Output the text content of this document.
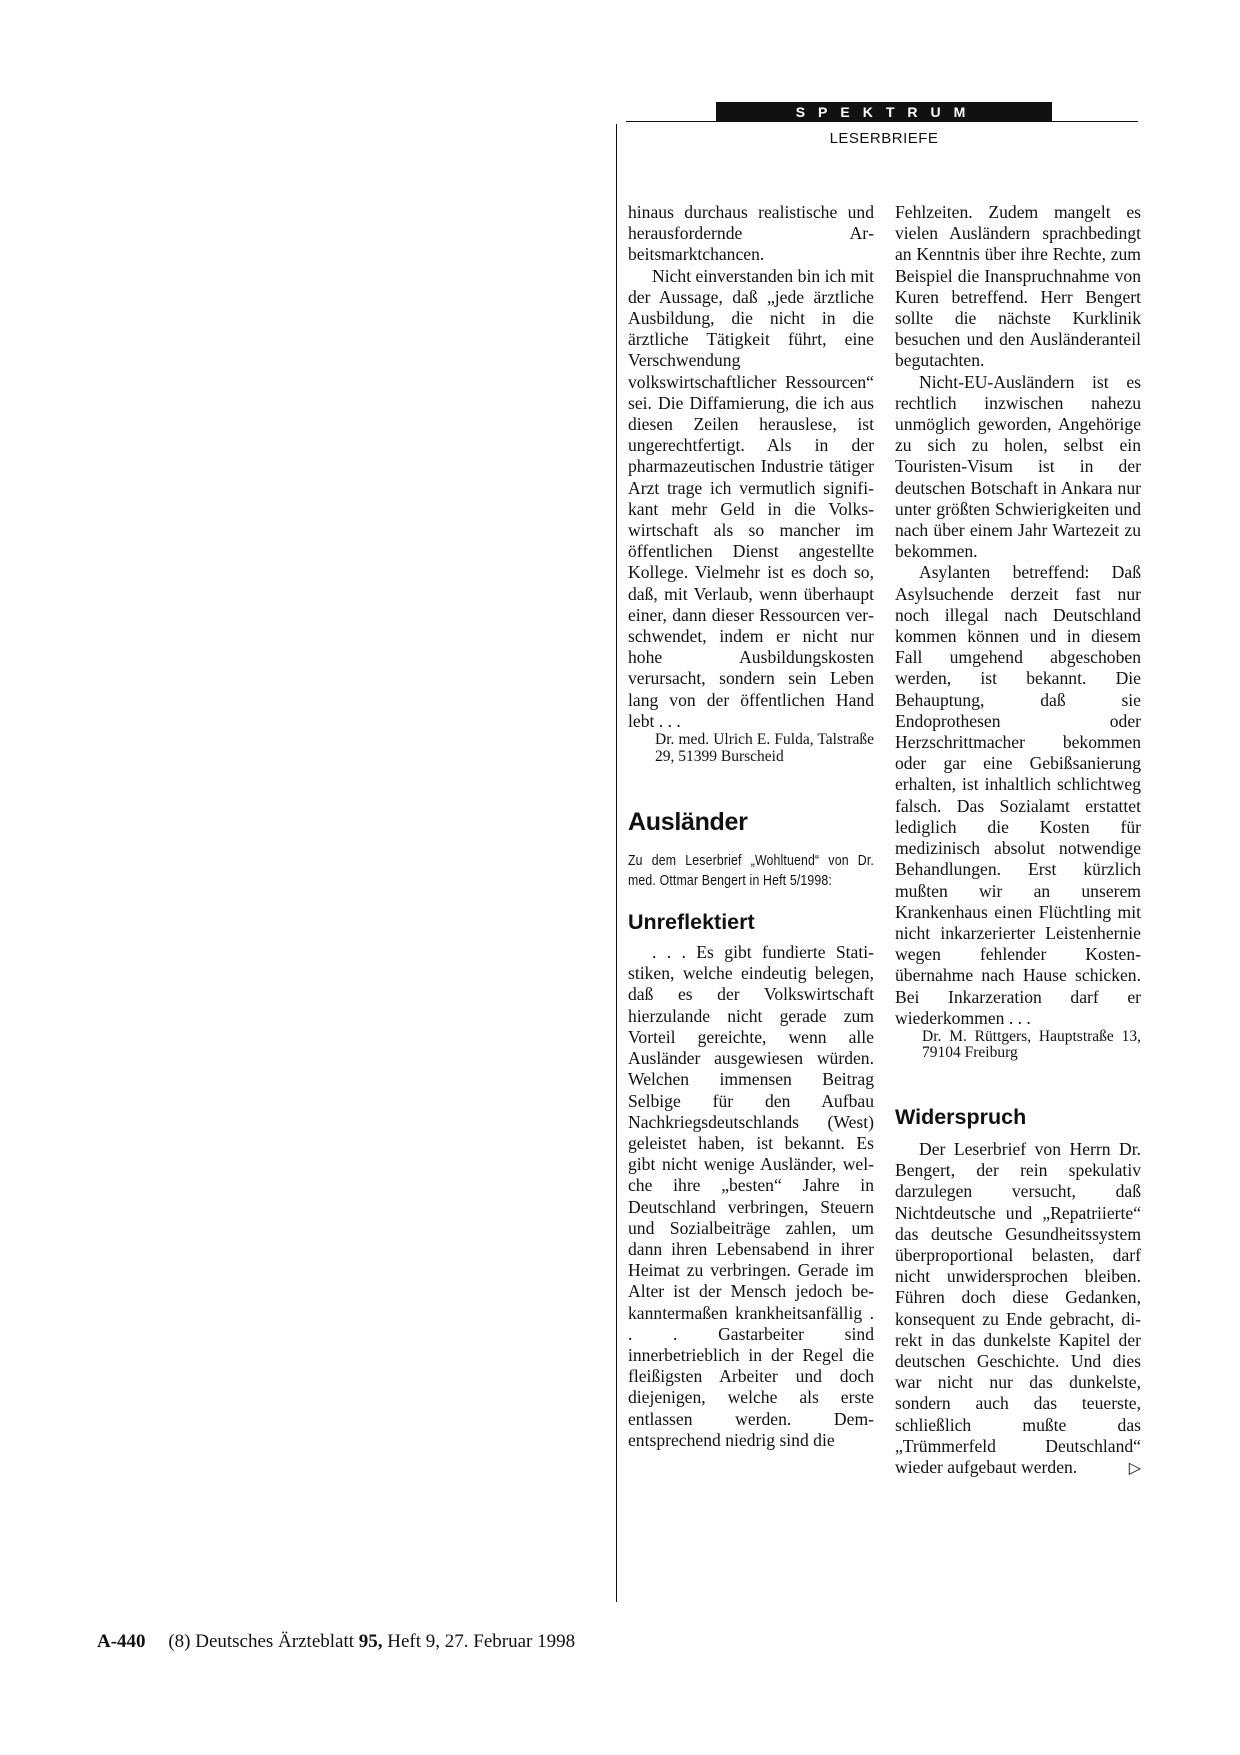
SPEKTRUM
LESERBRIEFE

hinaus durchaus realistische und herausfordernde Arbeitsmarktchancen.

Nicht einverstanden bin ich mit der Aussage, daß „jede ärztliche Ausbildung, die nicht in die ärztliche Tätigkeit führt, eine Verschwendung volkswirtschaftlicher Ressourcen“ sei. Die Diffamierung, die ich aus diesen Zeilen herauslese, ist ungerechtfertigt. Als in der pharmazeutischen Industrie tätiger Arzt trage ich vermutlich signifikant mehr Geld in die Volkswirtschaft als so mancher im öffentlichen Dienst angestellte Kollege. Vielmehr ist es doch so, daß, mit Verlaub, wenn überhaupt einer, dann dieser Ressourcen verschwendet, indem er nicht nur hohe Ausbildungskosten verursacht, sondern sein Leben lang von der öffentlichen Hand lebt . . .

Dr. med. Ulrich E. Fulda, Talstraße 29, 51399 Burscheid

Ausländer

Zu dem Leserbrief „Wohltuend“ von Dr. med. Ottmar Bengert in Heft 5/1998:

Unreflektiert

. . . Es gibt fundierte Statistiken, welche eindeutig belegen, daß es der Volkswirtschaft hierzulande nicht gerade zum Vorteil gereichte, wenn alle Ausländer ausgewiesen würden. Welchen immensen Beitrag Selbige für den Aufbau Nachkriegsdeutschlands (West) geleistet haben, ist bekannt. Es gibt nicht wenige Ausländer, welche ihre „besten“ Jahre in Deutschland verbringen, Steuern und Sozialbeiträge zahlen, um dann ihren Lebensabend in ihrer Heimat zu verbringen. Gerade im Alter ist der Mensch jedoch bekanntermaßen krankheitsanfällig . . . Gastarbeiter sind innerbetrieblich in der Regel die fleißigsten Arbeiter und doch diejenigen, welche als erste entlassen werden. Dementsprechend niedrig sind die

Fehlzeiten. Zudem mangelt es vielen Ausländern sprachbedingt an Kenntnis über ihre Rechte, zum Beispiel die Inanspruchnahme von Kuren betreffend. Herr Bengert sollte die nächste Kurklinik besuchen und den Ausländeranteil begutachten.

Nicht-EU-Ausländern ist es rechtlich inzwischen nahezu unmöglich geworden, Angehörige zu sich zu holen, selbst ein Touristen-Visum ist in der deutschen Botschaft in Ankara nur unter größten Schwierigkeiten und nach über einem Jahr Wartezeit zu bekommen.

Asylanten betreffend: Daß Asylsuchende derzeit fast nur noch illegal nach Deutschland kommen können und in diesem Fall umgehend abgeschoben werden, ist bekannt. Die Behauptung, daß sie Endoprothesen oder Herzschrittmacher bekommen oder gar eine Gebißsanierung erhalten, ist inhaltlich schlichtweg falsch. Das Sozialamt erstattet lediglich die Kosten für medizinisch absolut notwendige Behandlungen. Erst kürzlich mußten wir an unserem Krankenhaus einen Flüchtling mit nicht inkarzerierter Leistenhernie wegen fehlender Kostenübernahme nach Hause schicken. Bei Inkarzeration darf er wiederkommen . . .

Dr. M. Rüttgers, Hauptstraße 13, 79104 Freiburg

Widerspruch

Der Leserbrief von Herrn Dr. Bengert, der rein spekulativ darzulegen versucht, daß Nichtdeutsche und „Repatriierte“ das deutsche Gesundheitssystem überproportional belasten, darf nicht unwidersprochen bleiben. Führen doch diese Gedanken, konsequent zu Ende gebracht, direkt in das dunkelste Kapitel der deutschen Geschichte. Und dies war nicht nur das dunkelste, sondern auch das teuerste, schließlich mußte das „Trümmerfeld Deutschland“ wieder aufgebaut werden.	▷

A-440 (8) Deutsches Ärzteblatt 95, Heft 9, 27. Februar 1998
